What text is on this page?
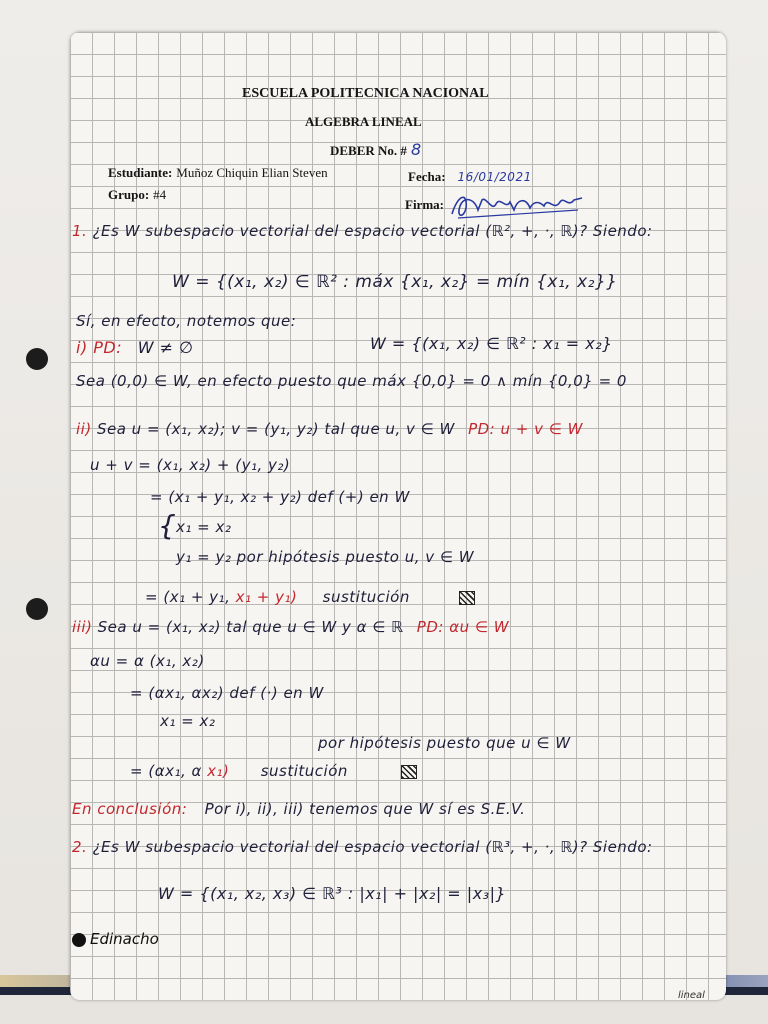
ESCUELA POLITECNICA NACIONAL
ALGEBRA LINEAL
DEBER No. # 8
Estudiante: Muñoz Chiquin Elian Steven	Fecha: 16/01/2021
Grupo: #4
Firma:
1. ¿Es W subespacio vectorial del espacio vectorial (ℝ², +, ·, ℝ)? Siendo:
W = {(x₁, x₂) ∈ ℝ² : máx {x₁, x₂} = mín {x₁, x₂}}
Sí, en efecto, notemos que:
i) PD: W ≠ ∅	W = {(x₁, x₂) ∈ ℝ² : x₁ = x₂}
Sea (0,0) ∈ W, en efecto puesto que máx {0,0} = 0 ∧ mín {0,0} = 0
ii) Sea u = (x₁, x₂); v = (y₁, y₂) tal que u, v ∈ W PD: u + v ∈ W
u + v = (x₁, x₂) + (y₁, y₂)
= (x₁ + y₁, x₂ + y₂) def (+) en W
{ x₁ = x₂
y₁ = y₂ por hipótesis puesto u, v ∈ W
= (x₁ + y₁, x₁ + y₁) sustitución
iii) Sea u = (x₁, x₂) tal que u ∈ W y α ∈ ℝ PD: αu ∈ W
αu = α (x₁, x₂)
= (αx₁, αx₂) def (·) en W
x₁ = x₂
por hipótesis puesto que u ∈ W
= (αx₁, α x₁) sustitución
En conclusión: Por i), ii), iii) tenemos que W sí es S.E.V.
2. ¿Es W subespacio vectorial del espacio vectorial (ℝ³, +, ·, ℝ)? Siendo:
W = {(x₁, x₂, x₃) ∈ ℝ³ : |x₁| + |x₂| = |x₃|}
Edinacho
lineal
